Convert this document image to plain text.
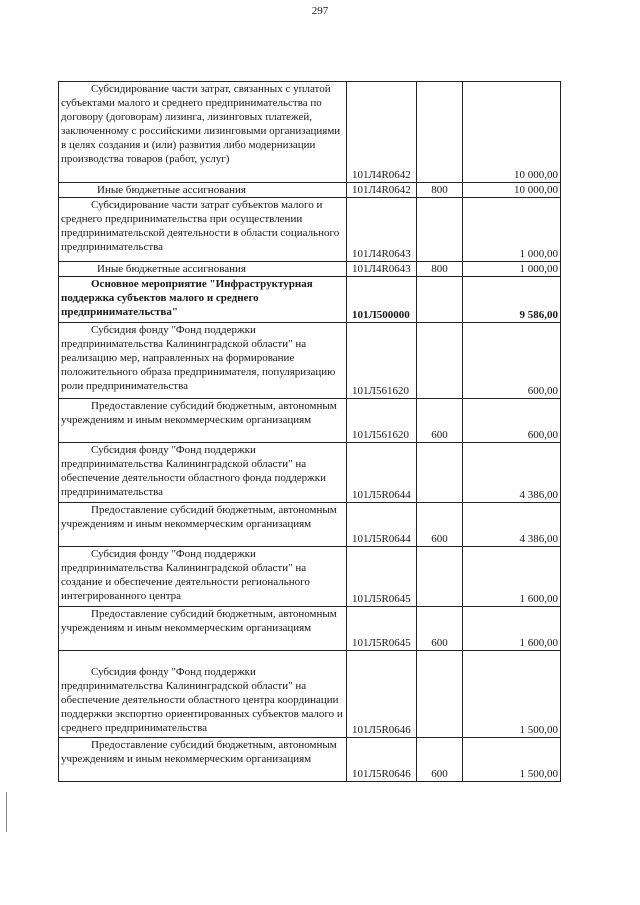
297
Субсидирование части затрат, связанных с уплатой субъектами малого и среднего предпринимательства по договору (договорам) лизинга, лизинговых платежей, заключенному с российскими лизинговыми организациями в целях создания и (или) развития либо модернизации производства товаров (работ, услуг)	101Л4R0642		10 000,00
Иные бюджетные ассигнования	101Л4R0642	800	10 000,00
Субсидирование части затрат субъектов малого и среднего предпринимательства при осуществлении предпринимательской деятельности в области социального предпринимательства	101Л4R0643		1 000,00
Иные бюджетные ассигнования	101Л4R0643	800	1 000,00
Основное мероприятие "Инфраструктурная поддержка субъектов малого и среднего предпринимательства"	101Л500000		9 586,00
Субсидия фонду "Фонд поддержки предпринимательства Калининградской области" на реализацию мер, направленных на формирование положительного образа предпринимателя, популяризацию роли предпринимательства	101Л561620		600,00
Предоставление субсидий бюджетным, автономным учреждениям и иным некоммерческим организациям	101Л561620	600	600,00
Субсидия фонду "Фонд поддержки предпринимательства Калининградской области" на обеспечение деятельности областного фонда поддержки предпринимательства	101Л5R0644		4 386,00
Предоставление субсидий бюджетным, автономным учреждениям и иным некоммерческим организациям	101Л5R0644	600	4 386,00
Субсидия фонду "Фонд поддержки предпринимательства Калининградской области" на создание и обеспечение деятельности регионального интегрированного центра	101Л5R0645		1 600,00
Предоставление субсидий бюджетным, автономным учреждениям и иным некоммерческим организациям	101Л5R0645	600	1 600,00
Субсидия фонду "Фонд поддержки предпринимательства Калининградской области" на обеспечение деятельности областного центра координации поддержки экспортно ориентированных субъектов малого и среднего предпринимательства	101Л5R0646		1 500,00
Предоставление субсидий бюджетным, автономным учреждениям и иным некоммерческим организациям	101Л5R0646	600	1 500,00
